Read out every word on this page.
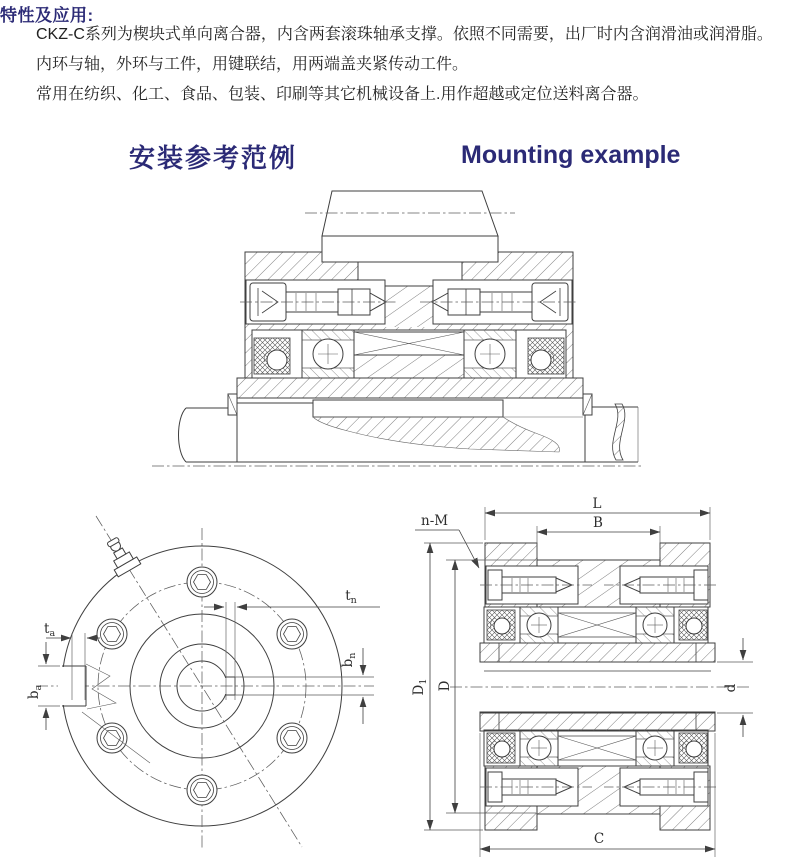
特性及应用:

CKZ-C系列为楔块式单向离合器，内含两套滚珠轴承支撑。依照不同需要，出厂时内含润滑油或润滑脂。

内环与轴，外环与工件，用键联结，用两端盖夹紧传动工件。

常用在纺织、化工、食品、包装、印刷等其它机械设备上.用作超越或定位送料离合器。

安装参考范例	Mounting example
$t_a$
$b_a$
$t_n$
$b_n$
L
B
n-M
$D_1$ D	d
C
